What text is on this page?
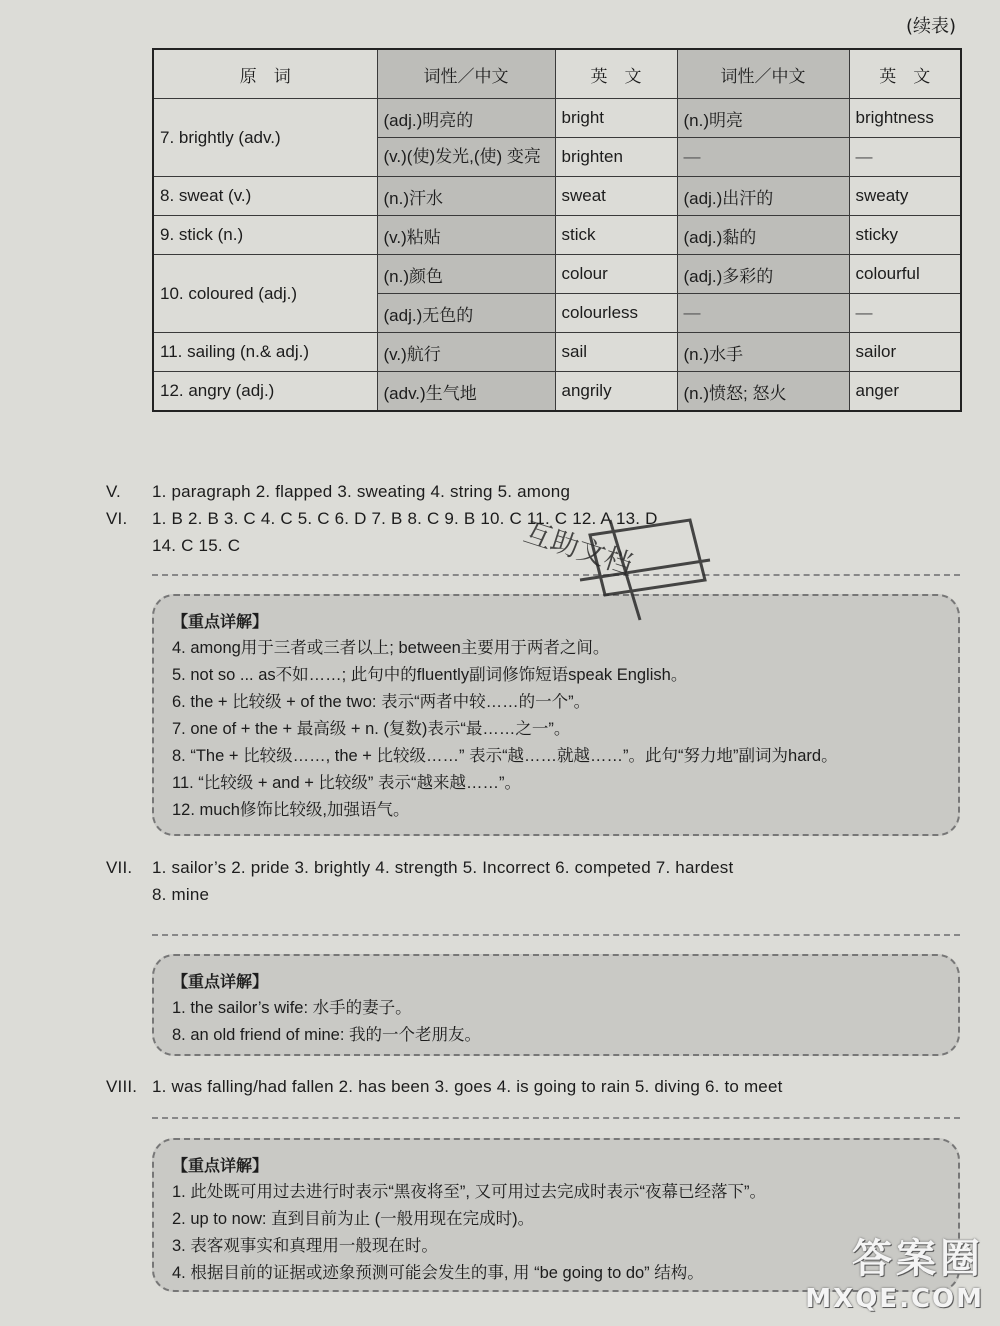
(续表)
原　词	词性／中文	英　文	词性／中文	英　文
7. brightly (adv.)	(adj.)明亮的	bright	(n.)明亮	brightness
	(v.)(使)发光,(使) 变亮	brighten	—	—
8. sweat (v.)	(n.)汗水	sweat	(adj.)出汗的	sweaty
9. stick (n.)	(v.)粘贴	stick	(adj.)黏的	sticky
10. coloured (adj.)	(n.)颜色	colour	(adj.)多彩的	colourful
	(adj.)无色的	colourless	—	—
11. sailing (n.& adj.)	(v.)航行	sail	(n.)水手	sailor
12. angry (adj.)	(adv.)生气地	angrily	(n.)愤怒; 怒火	anger
V. 1. paragraph 2. flapped 3. sweating 4. string 5. among
VI. 1. B 2. B 3. C 4. C 5. C 6. D 7. B 8. C 9. B 10. C 11. C 12. A 13. D
14. C 15. C
【重点详解】
4. among用于三者或三者以上; between主要用于两者之间。
5. not so ... as不如……; 此句中的fluently副词修饰短语speak English。
6. the + 比较级 + of the two: 表示“两者中较……的一个”。
7. one of + the + 最高级 + n. (复数)表示“最……之一”。
8. “The + 比较级……, the + 比较级……” 表示“越……就越……”。此句“努力地”副词为hard。
11. “比较级 + and + 比较级” 表示“越来越……”。
12. much修饰比较级,加强语气。
VII. 1. sailor’s 2. pride 3. brightly 4. strength 5. Incorrect 6. competed 7. hardest
8. mine
【重点详解】
1. the sailor’s wife: 水手的妻子。
8. an old friend of mine: 我的一个老朋友。
VIII. 1. was falling/had fallen 2. has been 3. goes 4. is going to rain 5. diving 6. to meet
【重点详解】
1. 此处既可用过去进行时表示“黑夜将至”, 又可用过去完成时表示“夜幕已经落下”。
2. up to now: 直到目前为止 (一般用现在完成时)。
3. 表客观事实和真理用一般现在时。
4. 根据目前的证据或迹象预测可能会发生的事, 用 “be going to do” 结构。
互助文档
答案圈
MXQE.COM
